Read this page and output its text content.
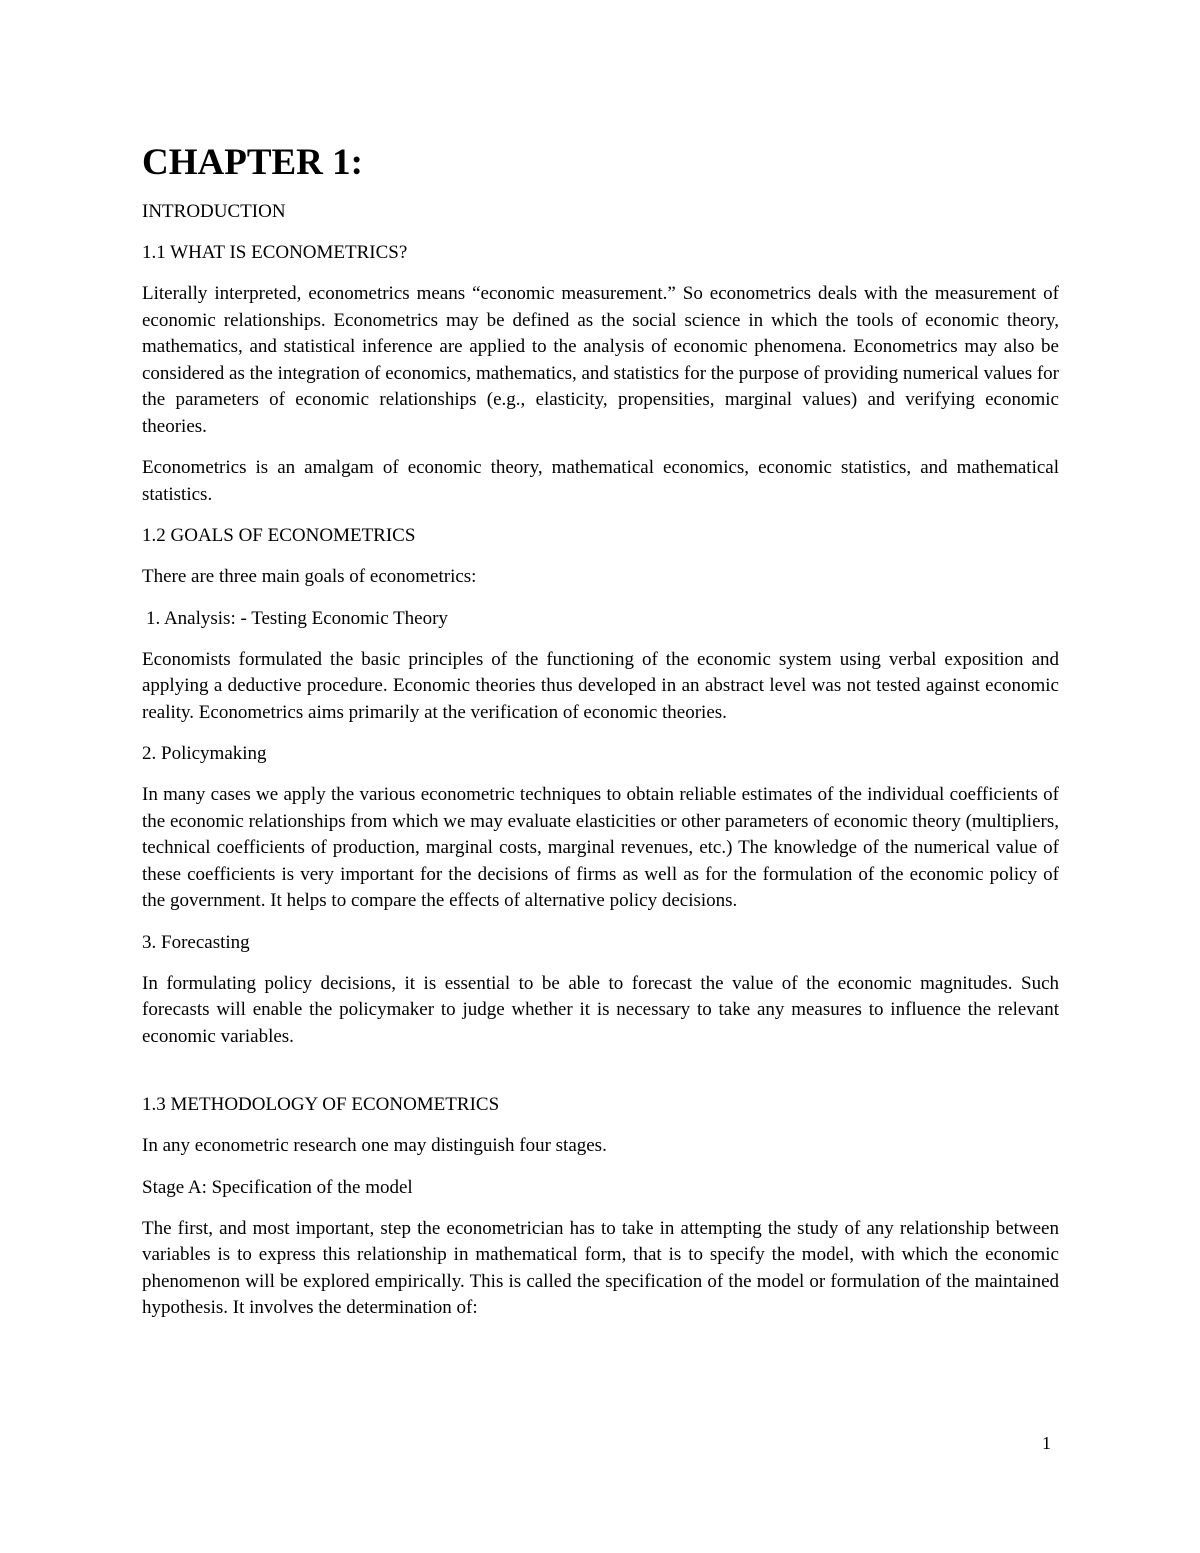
CHAPTER 1:
INTRODUCTION
1.1 WHAT IS ECONOMETRICS?

Literally interpreted, econometrics means “economic measurement.” So econometrics deals with the measurement of economic relationships. Econometrics may be defined as the social science in which the tools of economic theory, mathematics, and statistical inference are applied to the analysis of economic phenomena. Econometrics may also be considered as the integration of economics, mathematics, and statistics for the purpose of providing numerical values for the parameters of economic relationships (e.g., elasticity, propensities, marginal values) and verifying economic theories.

Econometrics is an amalgam of economic theory, mathematical economics, economic statistics, and mathematical statistics.

1.2 GOALS OF ECONOMETRICS

There are three main goals of econometrics:

1. Analysis: - Testing Economic Theory

Economists formulated the basic principles of the functioning of the economic system using verbal exposition and applying a deductive procedure. Economic theories thus developed in an abstract level was not tested against economic reality. Econometrics aims primarily at the verification of economic theories.

2. Policymaking

In many cases we apply the various econometric techniques to obtain reliable estimates of the individual coefficients of the economic relationships from which we may evaluate elasticities or other parameters of economic theory (multipliers, technical coefficients of production, marginal costs, marginal revenues, etc.) The knowledge of the numerical value of these coefficients is very important for the decisions of firms as well as for the formulation of the economic policy of the government. It helps to compare the effects of alternative policy decisions.

3. Forecasting

In formulating policy decisions, it is essential to be able to forecast the value of the economic magnitudes. Such forecasts will enable the policymaker to judge whether it is necessary to take any measures to influence the relevant economic variables.

1.3 METHODOLOGY OF ECONOMETRICS

In any econometric research one may distinguish four stages.

Stage A: Specification of the model

The first, and most important, step the econometrician has to take in attempting the study of any relationship between variables is to express this relationship in mathematical form, that is to specify the model, with which the economic phenomenon will be explored empirically. This is called the specification of the model or formulation of the maintained hypothesis. It involves the determination of:

1
